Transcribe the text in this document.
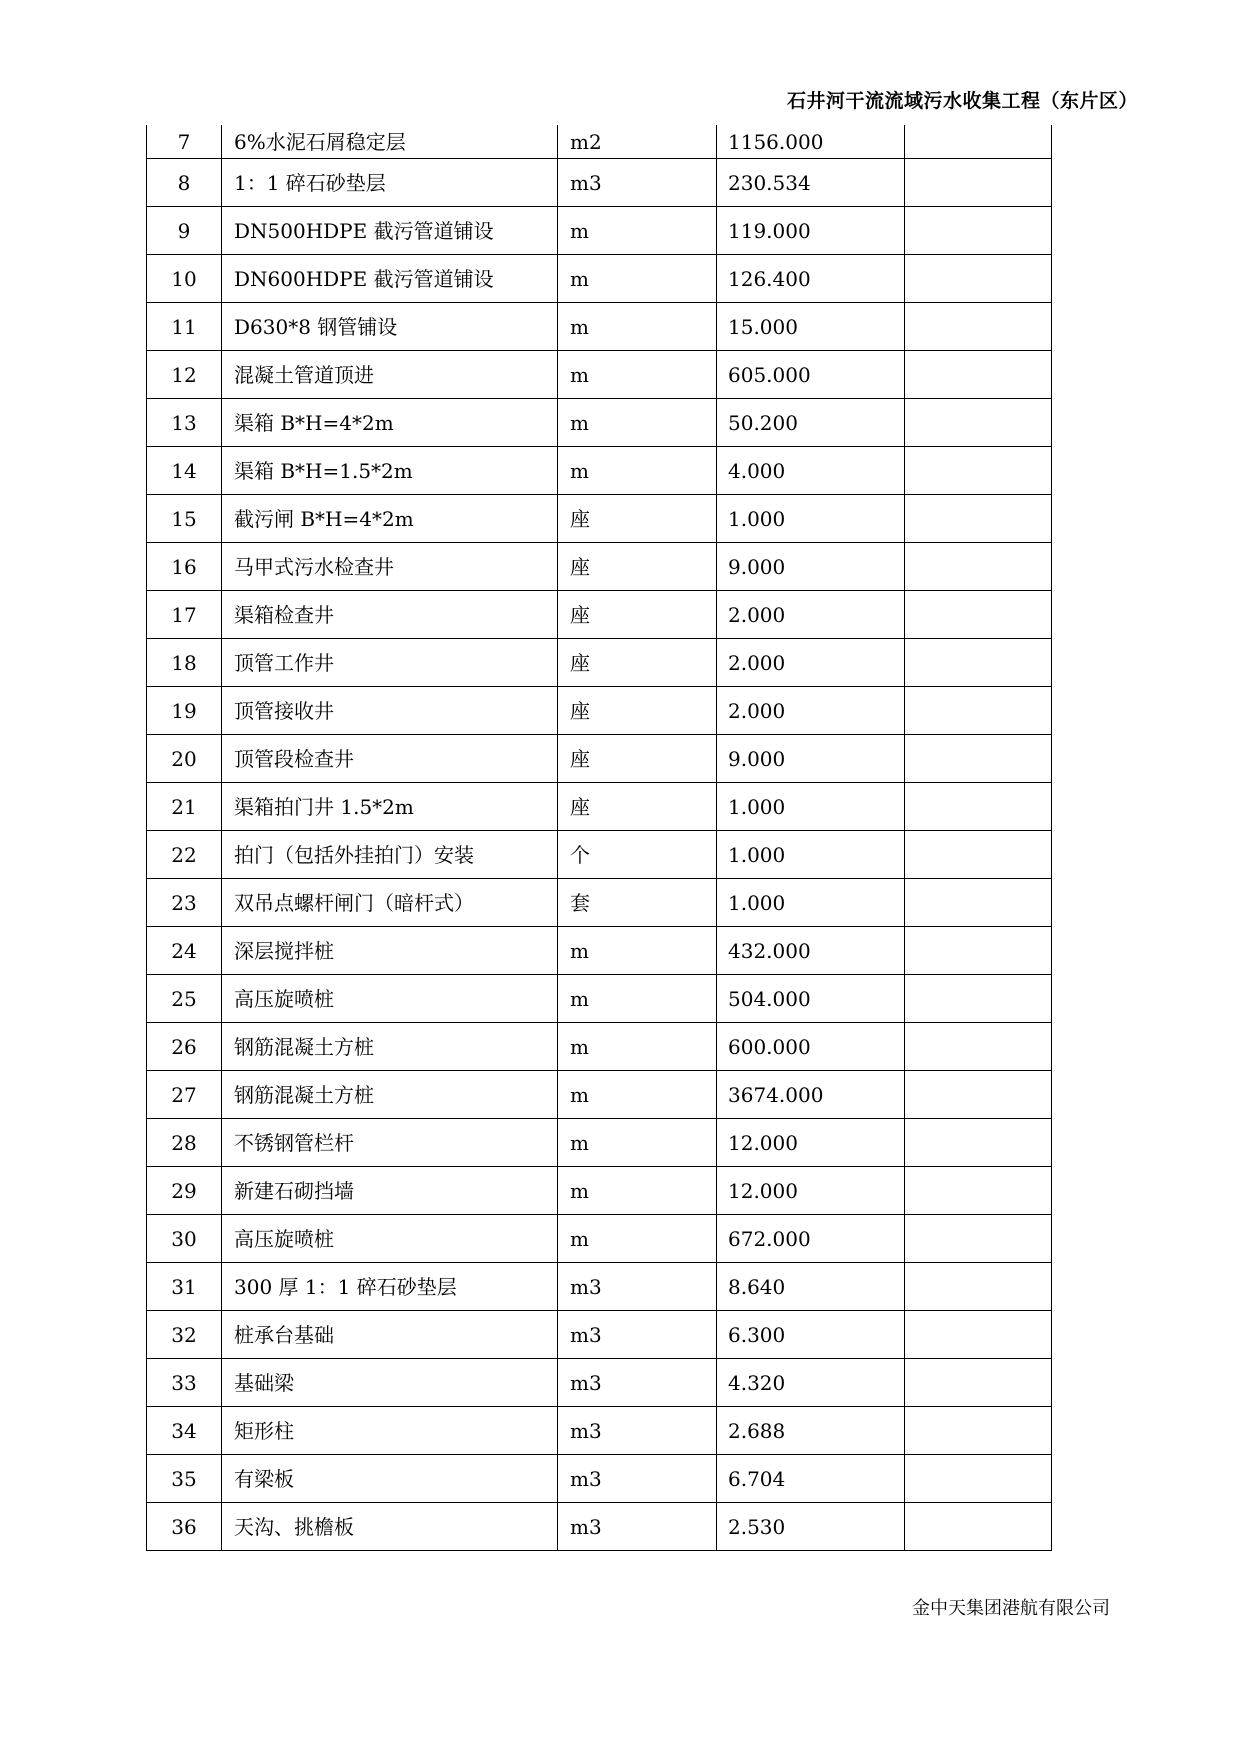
石井河干流流域污水收集工程（东片区）
7	6%水泥石屑稳定层	m2	1156.000	
8	1：1 碎石砂垫层	m3	230.534	
9	DN500HDPE 截污管道铺设	m	119.000	
10	DN600HDPE 截污管道铺设	m	126.400	
11	D630*8 钢管铺设	m	15.000	
12	混凝土管道顶进	m	605.000	
13	渠箱 B*H=4*2m	m	50.200	
14	渠箱 B*H=1.5*2m	m	4.000	
15	截污闸 B*H=4*2m	座	1.000	
16	马甲式污水检查井	座	9.000	
17	渠箱检查井	座	2.000	
18	顶管工作井	座	2.000	
19	顶管接收井	座	2.000	
20	顶管段检查井	座	9.000	
21	渠箱拍门井 1.5*2m	座	1.000	
22	拍门（包括外挂拍门）安装	个	1.000	
23	双吊点螺杆闸门（暗杆式）	套	1.000	
24	深层搅拌桩	m	432.000	
25	高压旋喷桩	m	504.000	
26	钢筋混凝土方桩	m	600.000	
27	钢筋混凝土方桩	m	3674.000	
28	不锈钢管栏杆	m	12.000	
29	新建石砌挡墙	m	12.000	
30	高压旋喷桩	m	672.000	
31	300 厚 1：1 碎石砂垫层	m3	8.640	
32	桩承台基础	m3	6.300	
33	基础梁	m3	4.320	
34	矩形柱	m3	2.688	
35	有梁板	m3	6.704	
36	天沟、挑檐板	m3	2.530	
金中天集团港航有限公司
